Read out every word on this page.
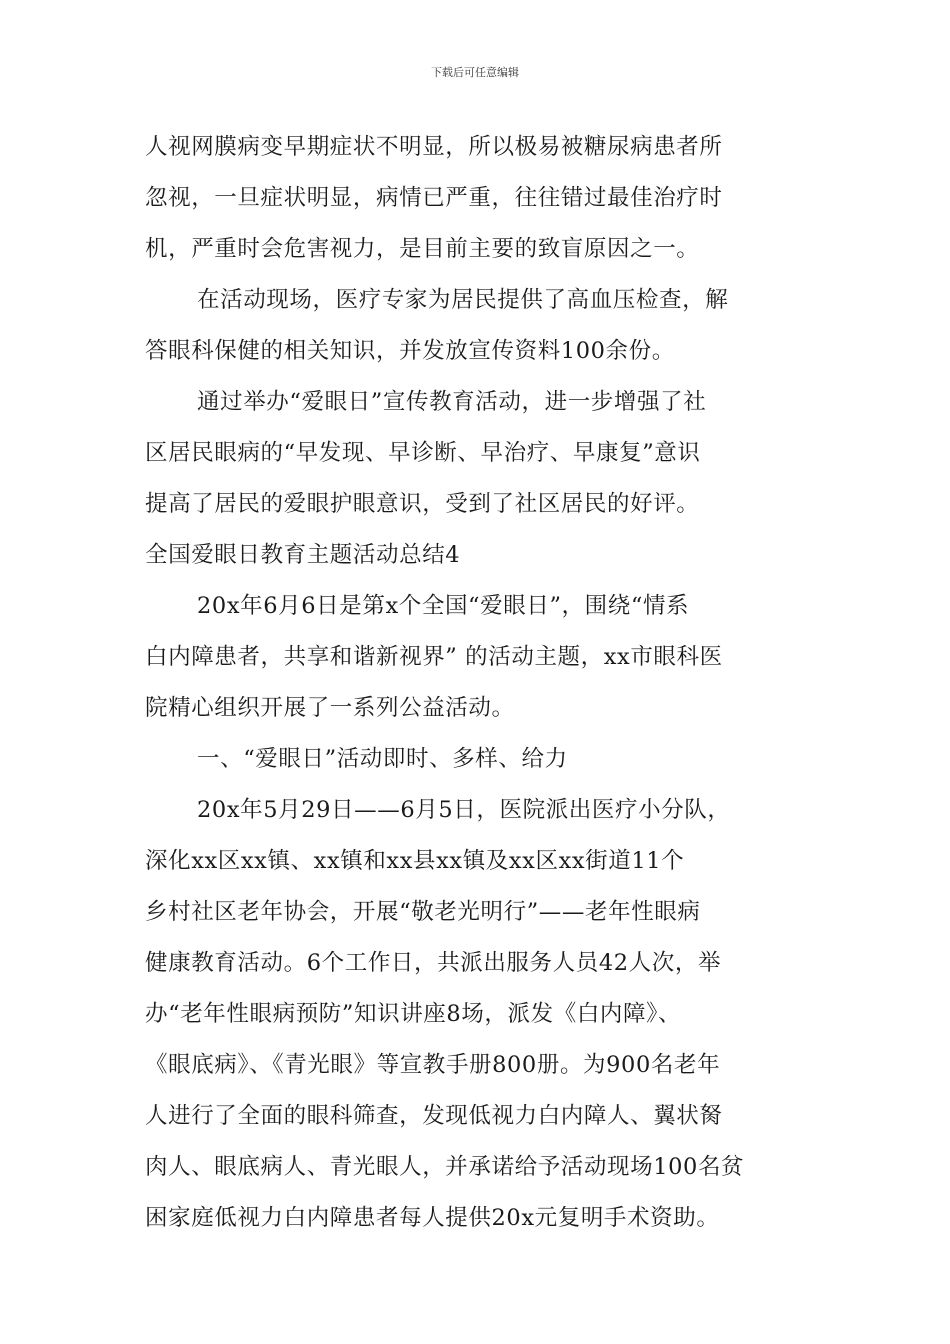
下载后可任意编辑
人视网膜病变早期症状不明显，所以极易被糖尿病患者所
忽视，一旦症状明显，病情已严重，往往错过最佳治疗时
机，严重时会危害视力，是目前主要的致盲原因之一。
在活动现场，医疗专家为居民提供了高血压检查，解
答眼科保健的相关知识，并发放宣传资料100余份。
通过举办“爱眼日”宣传教育活动，进一步增强了社
区居民眼病的“早发现、早诊断、早治疗、早康复”意识
提高了居民的爱眼护眼意识，受到了社区居民的好评。
全国爱眼日教育主题活动总结4
20x年6月6日是第x个全国“爱眼日”，围绕“情系
白内障患者，共享和谐新视界” 的活动主题，xx市眼科医
院精心组织开展了一系列公益活动。
一、“爱眼日”活动即时、多样、给力
20x年5月29日——6月5日，医院派出医疗小分队，
深化xx区xx镇、xx镇和xx县xx镇及xx区xx街道11个
乡村社区老年协会，开展“敬老光明行”——老年性眼病
健康教育活动。6个工作日，共派出服务人员42人次，举
办“老年性眼病预防”知识讲座8场，派发《白内障》、
《眼底病》、《青光眼》等宣教手册800册。为900名老年
人进行了全面的眼科筛查，发现低视力白内障人、翼状胬
肉人、眼底病人、青光眼人，并承诺给予活动现场100名贫
困家庭低视力白内障患者每人提供20x元复明手术资助。
